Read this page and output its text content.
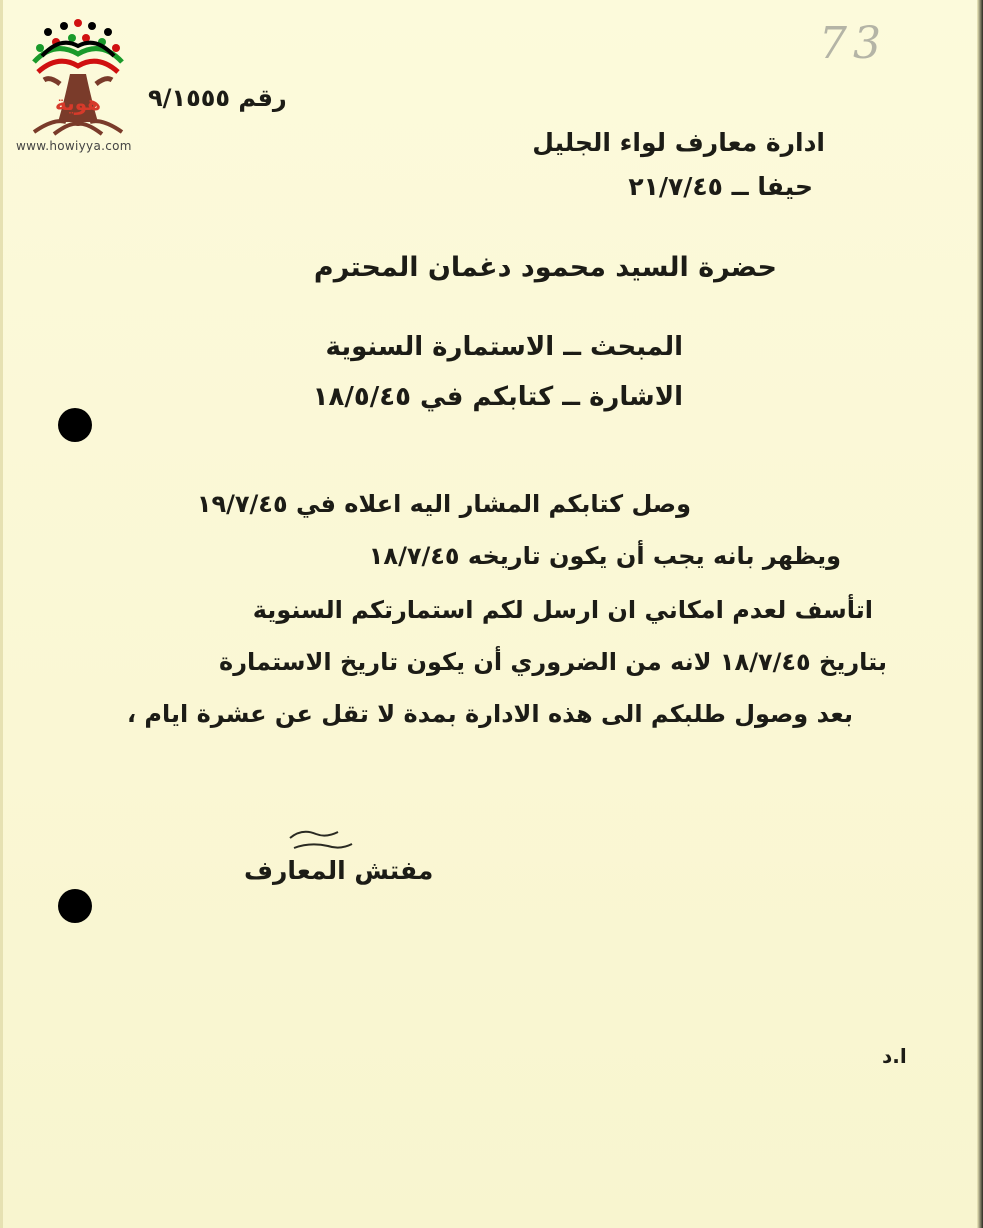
هوية
www.howiyya.com
73
رقم ٩/١٥٥٥
ادارة معارف لواء الجليل
حيفا ــ ٢١/٧/٤٥
حضرة السيد محمود دغمان المحترم
المبحث ــ الاستمارة السنوية
الاشارة ــ كتابكم في ١٨/٥/٤٥
وصل كتابكم المشار اليه اعلاه في ١٩/٧/٤٥
ويظهر بانه يجب أن يكون تاريخه ١٨/٧/٤٥
اتأسف لعدم امكاني ان ارسل لكم استمارتكم السنوية
بتاريخ ١٨/٧/٤٥ لانه من الضروري أن يكون تاريخ الاستمارة
بعد وصول طلبكم الى هذه الادارة بمدة لا تقل عن عشرة ايام ،
مفتش المعارف
ا.د
